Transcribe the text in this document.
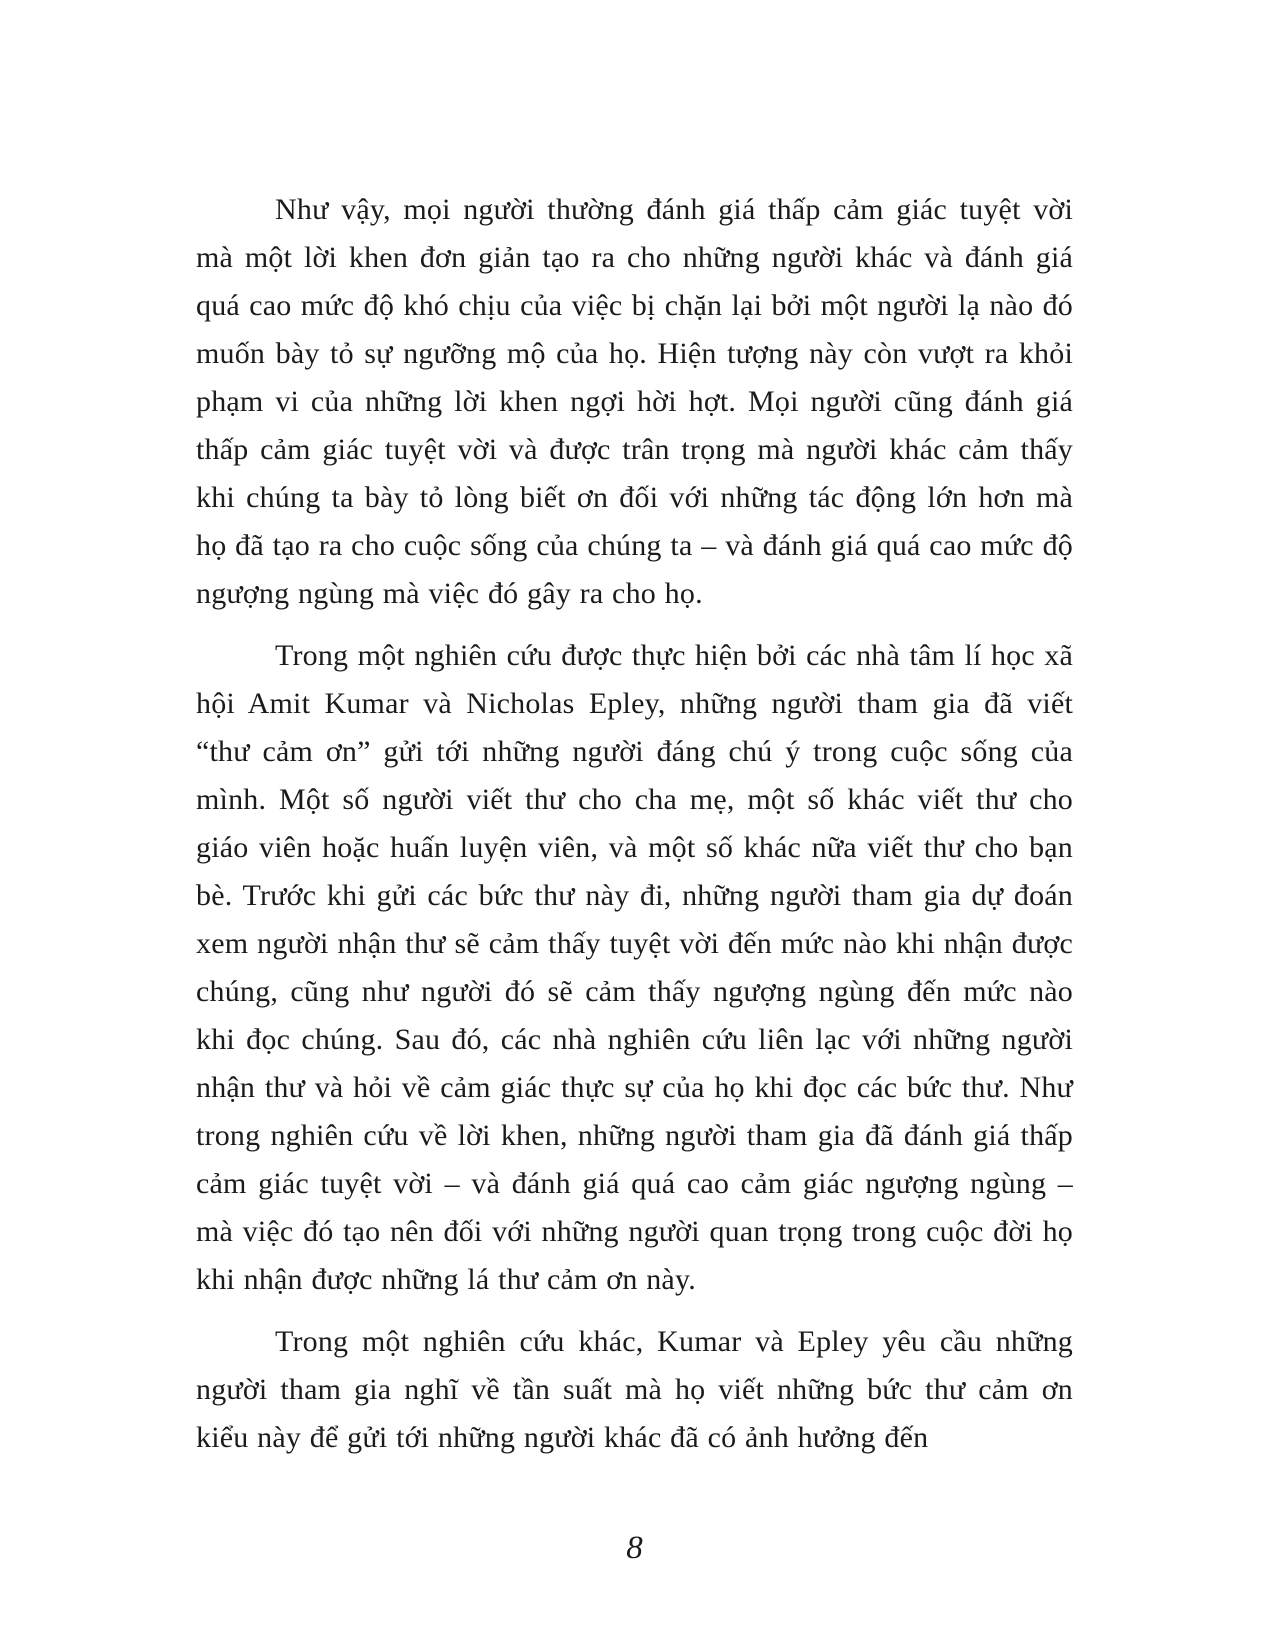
Như vậy, mọi người thường đánh giá thấp cảm giác tuyệt vời mà một lời khen đơn giản tạo ra cho những người khác và đánh giá quá cao mức độ khó chịu của việc bị chặn lại bởi một người lạ nào đó muốn bày tỏ sự ngưỡng mộ của họ. Hiện tượng này còn vượt ra khỏi phạm vi của những lời khen ngợi hời hợt. Mọi người cũng đánh giá thấp cảm giác tuyệt vời và được trân trọng mà người khác cảm thấy khi chúng ta bày tỏ lòng biết ơn đối với những tác động lớn hơn mà họ đã tạo ra cho cuộc sống của chúng ta – và đánh giá quá cao mức độ ngượng ngùng mà việc đó gây ra cho họ.

Trong một nghiên cứu được thực hiện bởi các nhà tâm lí học xã hội Amit Kumar và Nicholas Epley, những người tham gia đã viết “thư cảm ơn” gửi tới những người đáng chú ý trong cuộc sống của mình. Một số người viết thư cho cha mẹ, một số khác viết thư cho giáo viên hoặc huấn luyện viên, và một số khác nữa viết thư cho bạn bè. Trước khi gửi các bức thư này đi, những người tham gia dự đoán xem người nhận thư sẽ cảm thấy tuyệt vời đến mức nào khi nhận được chúng, cũng như người đó sẽ cảm thấy ngượng ngùng đến mức nào khi đọc chúng. Sau đó, các nhà nghiên cứu liên lạc với những người nhận thư và hỏi về cảm giác thực sự của họ khi đọc các bức thư. Như trong nghiên cứu về lời khen, những người tham gia đã đánh giá thấp cảm giác tuyệt vời – và đánh giá quá cao cảm giác ngượng ngùng – mà việc đó tạo nên đối với những người quan trọng trong cuộc đời họ khi nhận được những lá thư cảm ơn này.

Trong một nghiên cứu khác, Kumar và Epley yêu cầu những người tham gia nghĩ về tần suất mà họ viết những bức thư cảm ơn kiểu này để gửi tới những người khác đã có ảnh hưởng đến

8
